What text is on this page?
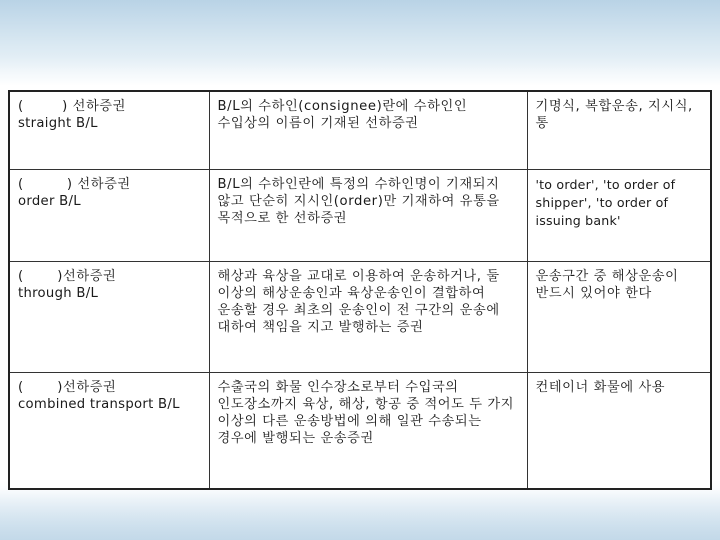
(        ) 선하증권
straight B/L	B/L의 수하인(consignee)란에 수하인인 수입상의 이름이 기재된 선하증권	기명식, 복합운송, 지시식, 통

(         ) 선하증권
order B/L	B/L의 수하인란에 특정의 수하인명이 기재되지 않고 단순히 지시인(order)만 기재하여 유통을 목적으로 한 선하증권	'to order', 'to order of shipper', 'to order of issuing bank'

(       )선하증권
through B/L	해상과 육상을 교대로 이용하여 운송하거나, 둘 이상의 해상운송인과 육상운송인이 결합하여 운송할 경우 최초의 운송인이 전 구간의 운송에 대하여 책임을 지고 발행하는 증권	운송구간 중 해상운송이 반드시 있어야 한다

(       )선하증권
combined transport B/L	수출국의 화물 인수장소로부터 수입국의 인도장소까지 육상, 해상, 항공 중 적어도 두 가지 이상의 다른 운송방법에 의해 일관 수송되는 경우에 발행되는 운송증권	컨테이너 화물에 사용
